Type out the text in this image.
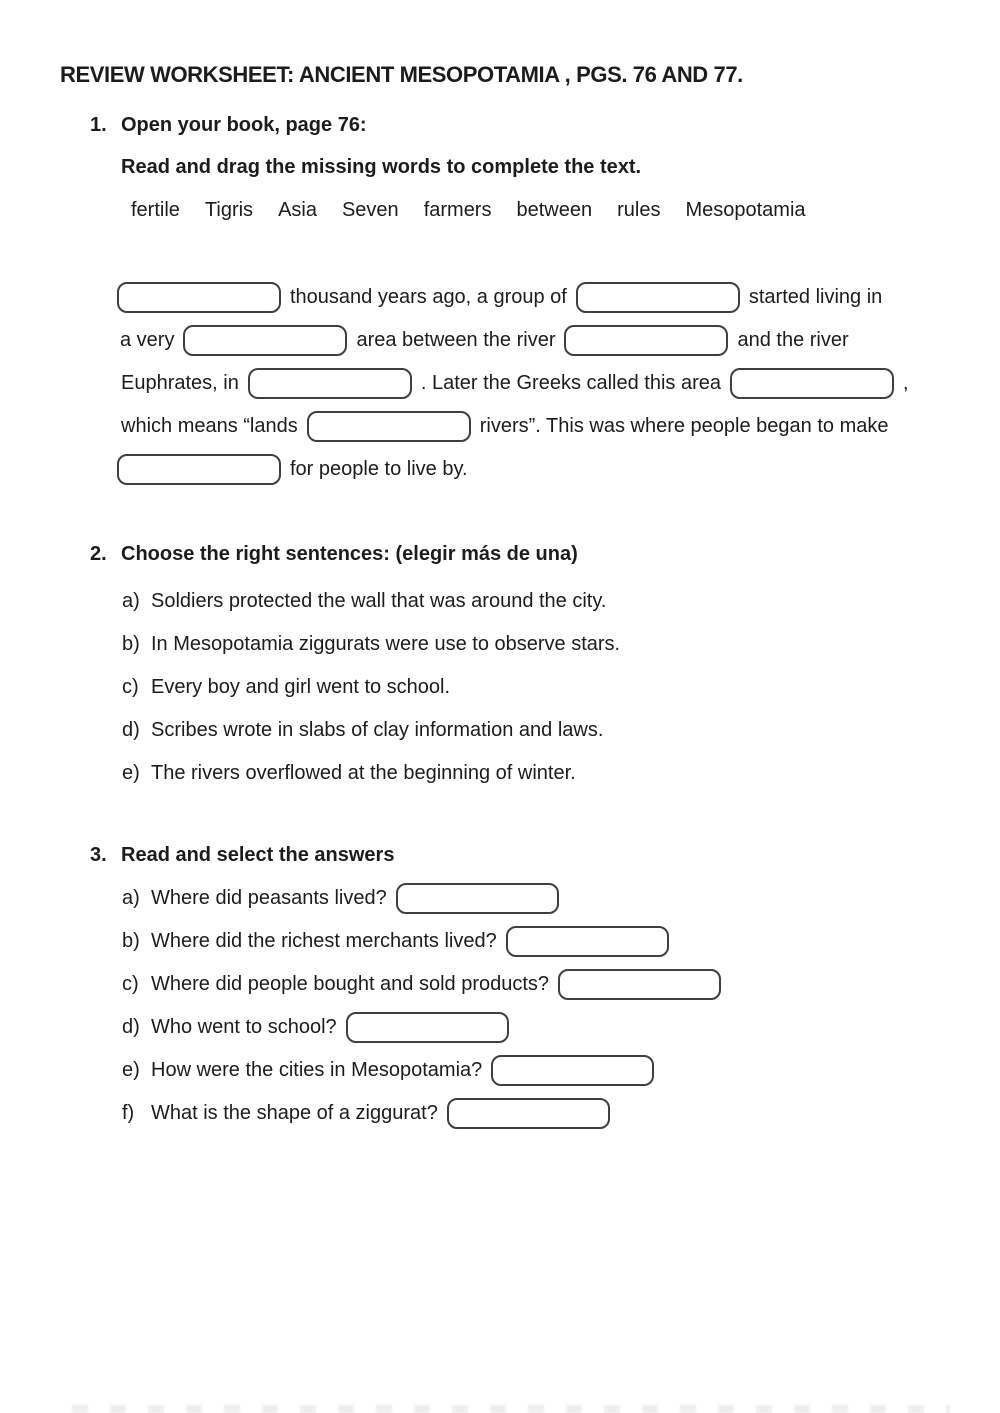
REVIEW WORKSHEET: ANCIENT MESOPOTAMIA , PGS. 76 AND 77.
1. Open your book, page 76:
Read and drag the missing words to complete the text.
fertile Tigris Asia Seven farmers between rules Mesopotamia
thousand years ago, a group of	started living in
a very	area between the river	and the river
Euphrates, in	. Later the Greeks called this area	,
which means “lands	rivers”. This was where people began to make
for people to live by.
2. Choose the right sentences: (elegir más de una)
a) Soldiers protected the wall that was around the city.
b) In Mesopotamia ziggurats were use to observe stars.
c) Every boy and girl went to school.
d) Scribes wrote in slabs of clay information and laws.
e) The rivers overflowed at the beginning of winter.
3. Read and select the answers
a) Where did peasants lived?
b) Where did the richest merchants lived?
c) Where did people bought and sold products?
d) Who went to school?
e) How were the cities in Mesopotamia?
f) What is the shape of a ziggurat?
